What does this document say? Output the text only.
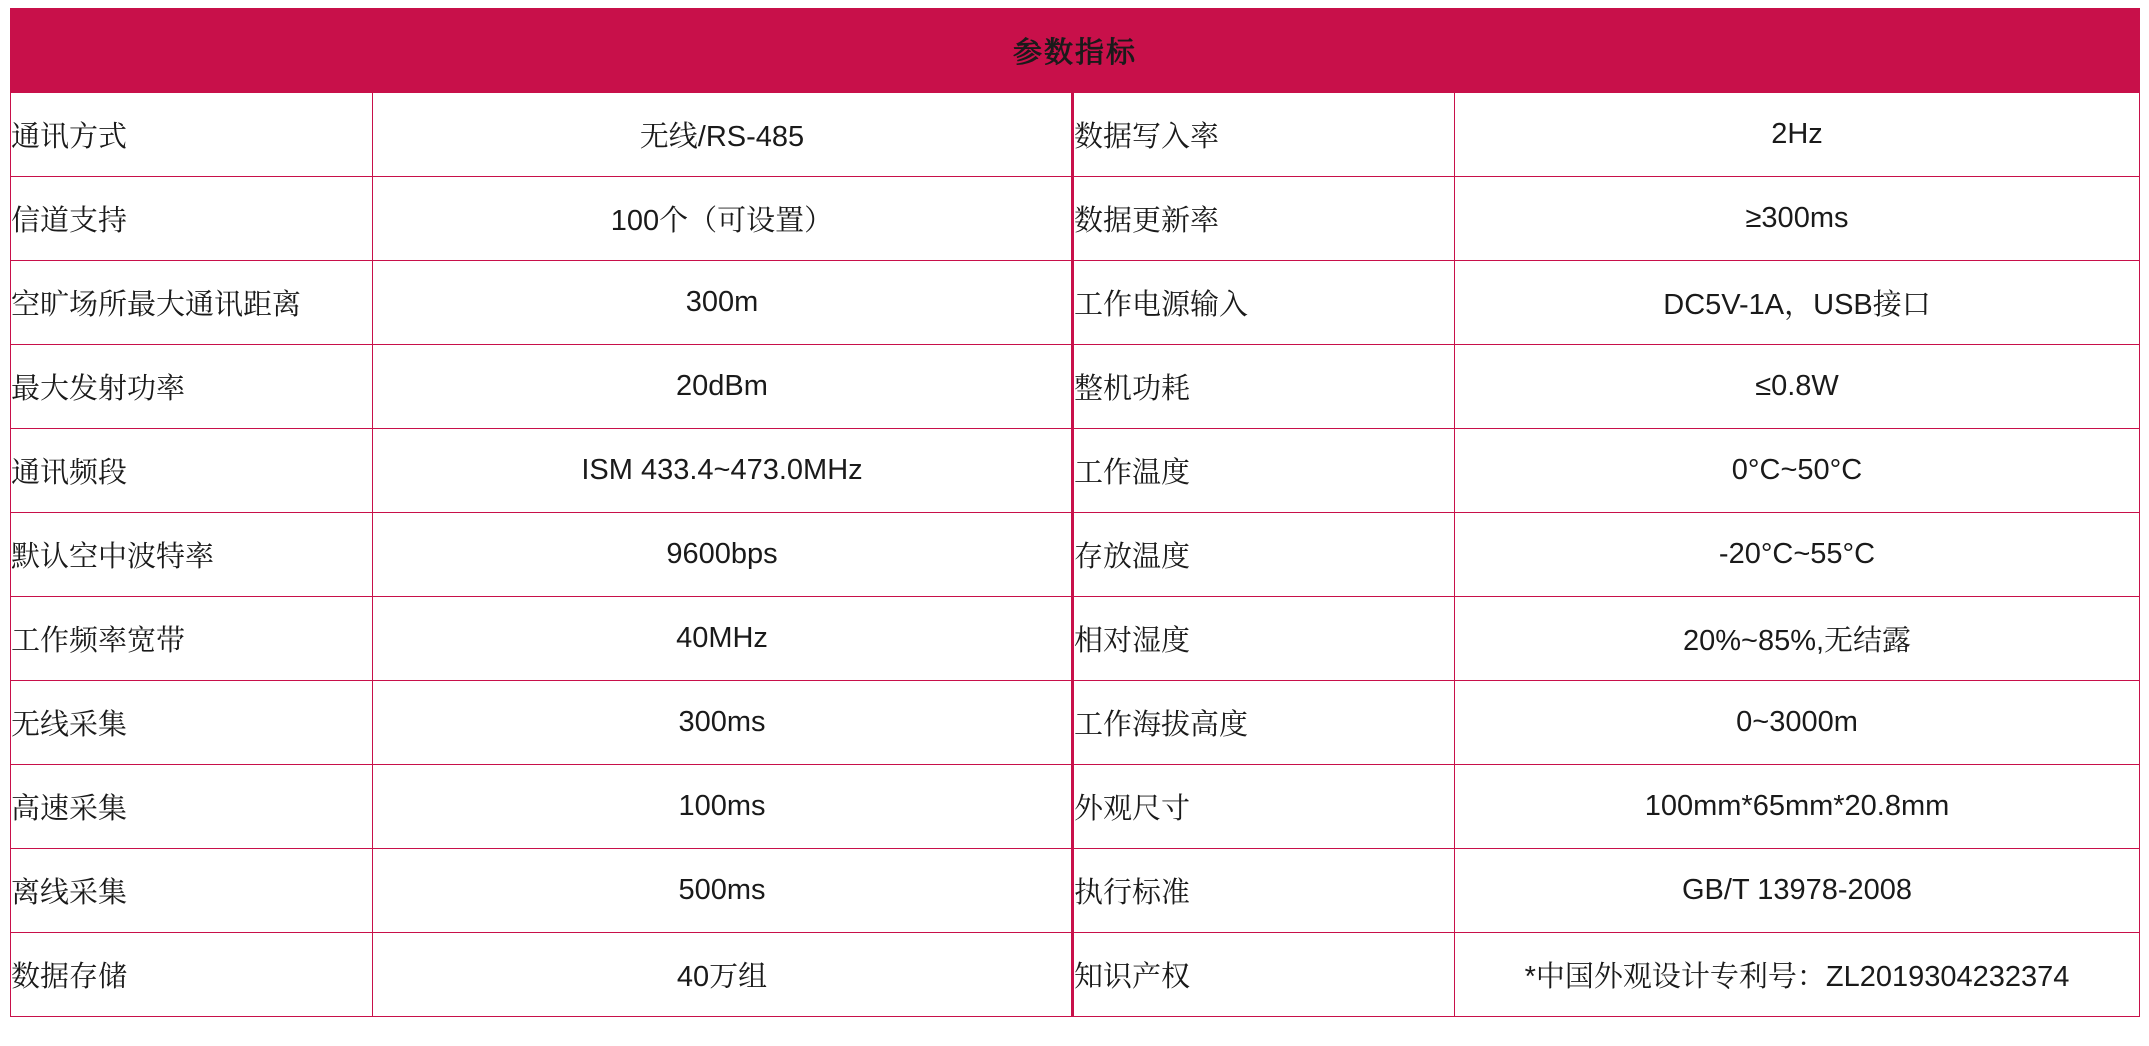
参数指标			
通讯方式	无线/RS-485	数据写入率	2Hz
信道支持	100个（可设置）	数据更新率	≥300ms
空旷场所最大通讯距离	300m	工作电源输入	DC5V-1A，USB接口
最大发射功率	20dBm	整机功耗	≤0.8W
通讯频段	ISM 433.4~473.0MHz	工作温度	0°C~50°C
默认空中波特率	9600bps	存放温度	-20°C~55°C
工作频率宽带	40MHz	相对湿度	20%~85%,无结露
无线采集	300ms	工作海拔高度	0~3000m
高速采集	100ms	外观尺寸	100mm*65mm*20.8mm
离线采集	500ms	执行标准	GB/T 13978-2008
数据存储	40万组	知识产权	*中国外观设计专利号：ZL2019304232374
